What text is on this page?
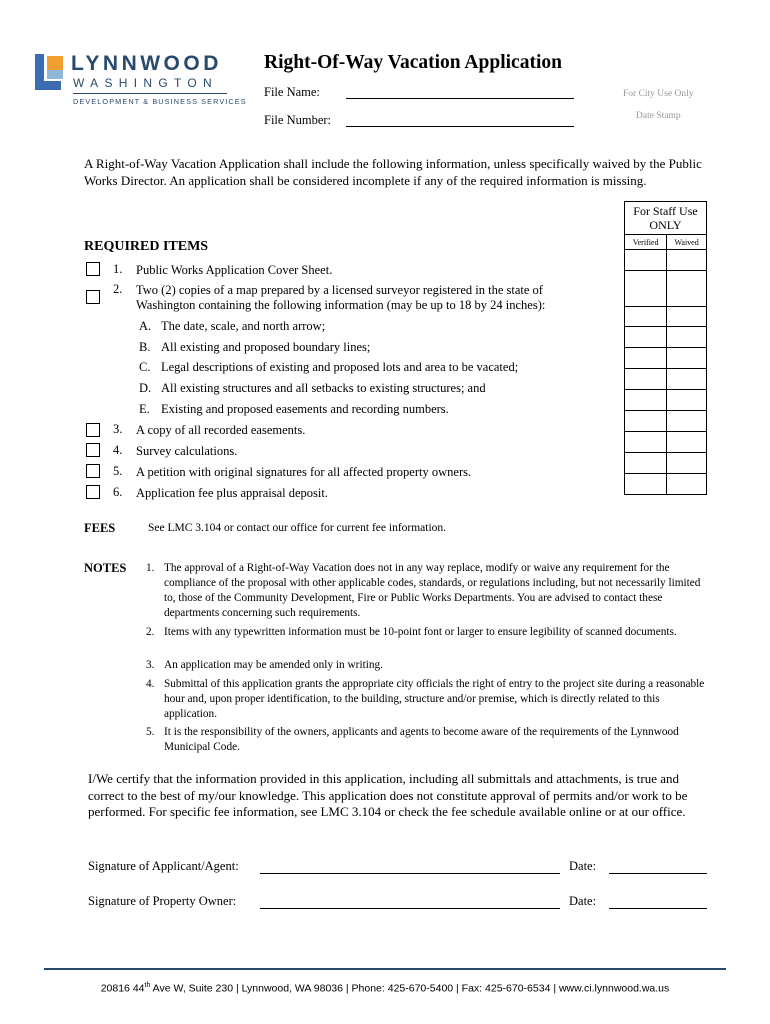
LYNNWOOD
WASHINGTON
DEVELOPMENT & BUSINESS SERVICES
Right-Of-Way Vacation Application
File Name:
File Number:
For City Use Only
Date Stamp
A Right-of-Way Vacation Application shall include the following information, unless specifically waived by the Public Works Director. An application shall be considered incomplete if any of the required information is missing.
For Staff Use ONLY	
Verified	Waived

REQUIRED ITEMS
1. Public Works Application Cover Sheet.
2. Two (2) copies of a map prepared by a licensed surveyor registered in the state of
Washington containing the following information (may be up to 18 by 24 inches):
A. The date, scale, and north arrow;
B. All existing and proposed boundary lines;
C. Legal descriptions of existing and proposed lots and area to be vacated;
D. All existing structures and all setbacks to existing structures; and
E. Existing and proposed easements and recording numbers.
3. A copy of all recorded easements.
4. Survey calculations.
5. A petition with original signatures for all affected property owners.
6. Application fee plus appraisal deposit.
FEES	See LMC 3.104 or contact our office for current fee information.
NOTES 1. The approval of a Right-of-Way Vacation does not in any way replace, modify or waive any requirement for the compliance of the proposal with other applicable codes, standards, or regulations including, but not necessarily limited to, those of the Community Development, Fire or Public Works Departments. You are advised to contact these departments concerning such requirements.
2. Items with any typewritten information must be 10-point font or larger to ensure legibility of scanned documents.
3. An application may be amended only in writing.
4. Submittal of this application grants the appropriate city officials the right of entry to the project site during a reasonable hour and, upon proper identification, to the building, structure and/or premise, which is directly related to this application.
5. It is the responsibility of the owners, applicants and agents to become aware of the requirements of the Lynnwood Municipal Code.
I/We certify that the information provided in this application, including all submittals and attachments, is true and correct to the best of my/our knowledge. This application does not constitute approval of permits and/or work to be performed. For specific fee information, see LMC 3.104 or check the fee schedule available online or at our office.
Signature of Applicant/Agent:	Date:
Signature of Property Owner:	Date:
20816 44th Ave W, Suite 230 | Lynnwood, WA 98036 | Phone: 425-670-5400 | Fax: 425-670-6534 | www.ci.lynnwood.wa.us
